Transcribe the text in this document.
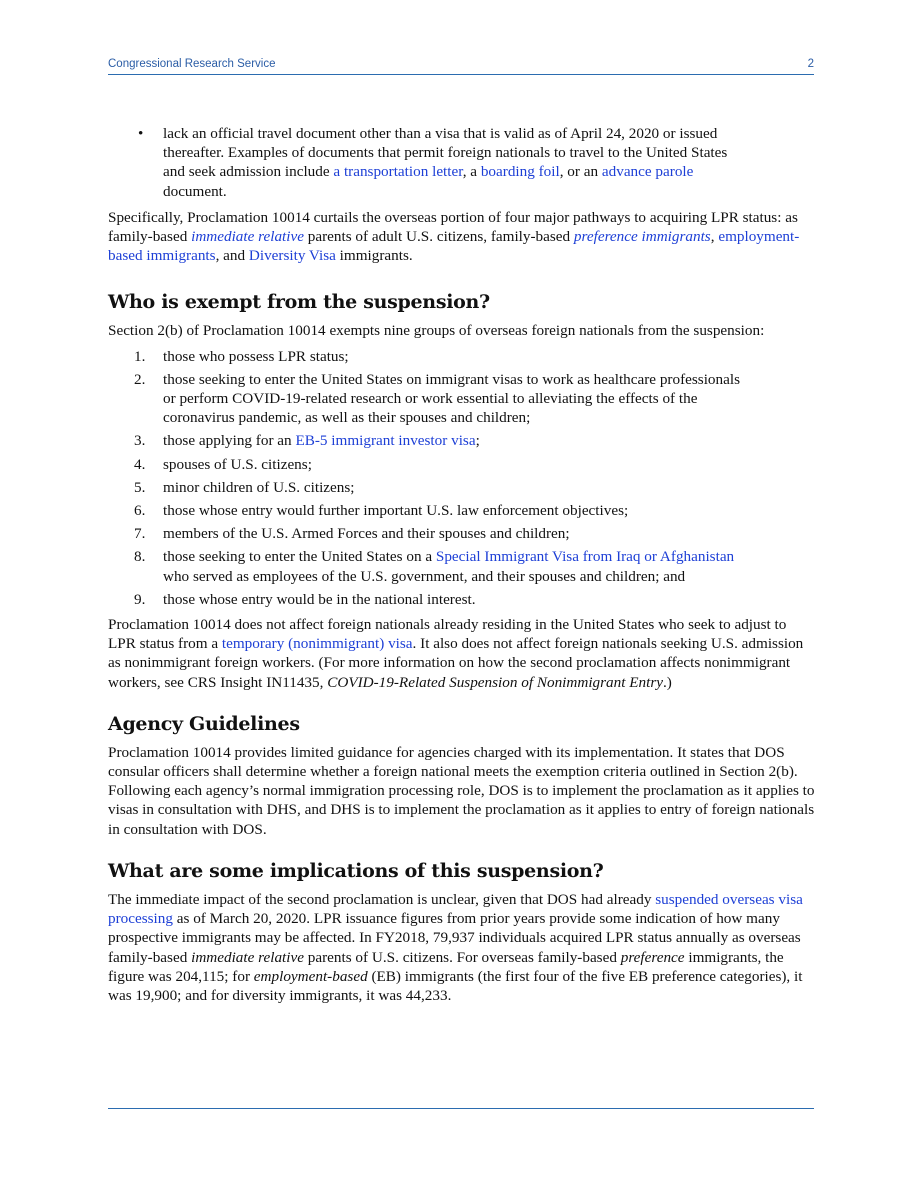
Congressional Research Service	2
• lack an official travel document other than a visa that is valid as of April 24, 2020 or issued thereafter. Examples of documents that permit foreign nationals to travel to the United States and seek admission include a transportation letter, a boarding foil, or an advance parole document.

Specifically, Proclamation 10014 curtails the overseas portion of four major pathways to acquiring LPR status: as family-based immediate relative parents of adult U.S. citizens, family-based preference immigrants, employment-based immigrants, and Diversity Visa immigrants.

Who is exempt from the suspension?

Section 2(b) of Proclamation 10014 exempts nine groups of overseas foreign nationals from the suspension:

1. those who possess LPR status;
2. those seeking to enter the United States on immigrant visas to work as healthcare professionals or perform COVID-19-related research or work essential to alleviating the effects of the coronavirus pandemic, as well as their spouses and children;
3. those applying for an EB-5 immigrant investor visa;
4. spouses of U.S. citizens;
5. minor children of U.S. citizens;
6. those whose entry would further important U.S. law enforcement objectives;
7. members of the U.S. Armed Forces and their spouses and children;
8. those seeking to enter the United States on a Special Immigrant Visa from Iraq or Afghanistan who served as employees of the U.S. government, and their spouses and children; and
9. those whose entry would be in the national interest.

Proclamation 10014 does not affect foreign nationals already residing in the United States who seek to adjust to LPR status from a temporary (nonimmigrant) visa. It also does not affect foreign nationals seeking U.S. admission as nonimmigrant foreign workers. (For more information on how the second proclamation affects nonimmigrant workers, see CRS Insight IN11435, COVID-19-Related Suspension of Nonimmigrant Entry.)

Agency Guidelines

Proclamation 10014 provides limited guidance for agencies charged with its implementation. It states that DOS consular officers shall determine whether a foreign national meets the exemption criteria outlined in Section 2(b). Following each agency’s normal immigration processing role, DOS is to implement the proclamation as it applies to visas in consultation with DHS, and DHS is to implement the proclamation as it applies to entry of foreign nationals in consultation with DOS.

What are some implications of this suspension?

The immediate impact of the second proclamation is unclear, given that DOS had already suspended overseas visa processing as of March 20, 2020. LPR issuance figures from prior years provide some indication of how many prospective immigrants may be affected. In FY2018, 79,937 individuals acquired LPR status annually as overseas family-based immediate relative parents of U.S. citizens. For overseas family-based preference immigrants, the figure was 204,115; for employment-based (EB) immigrants (the first four of the five EB preference categories), it was 19,900; and for diversity immigrants, it was 44,233.
